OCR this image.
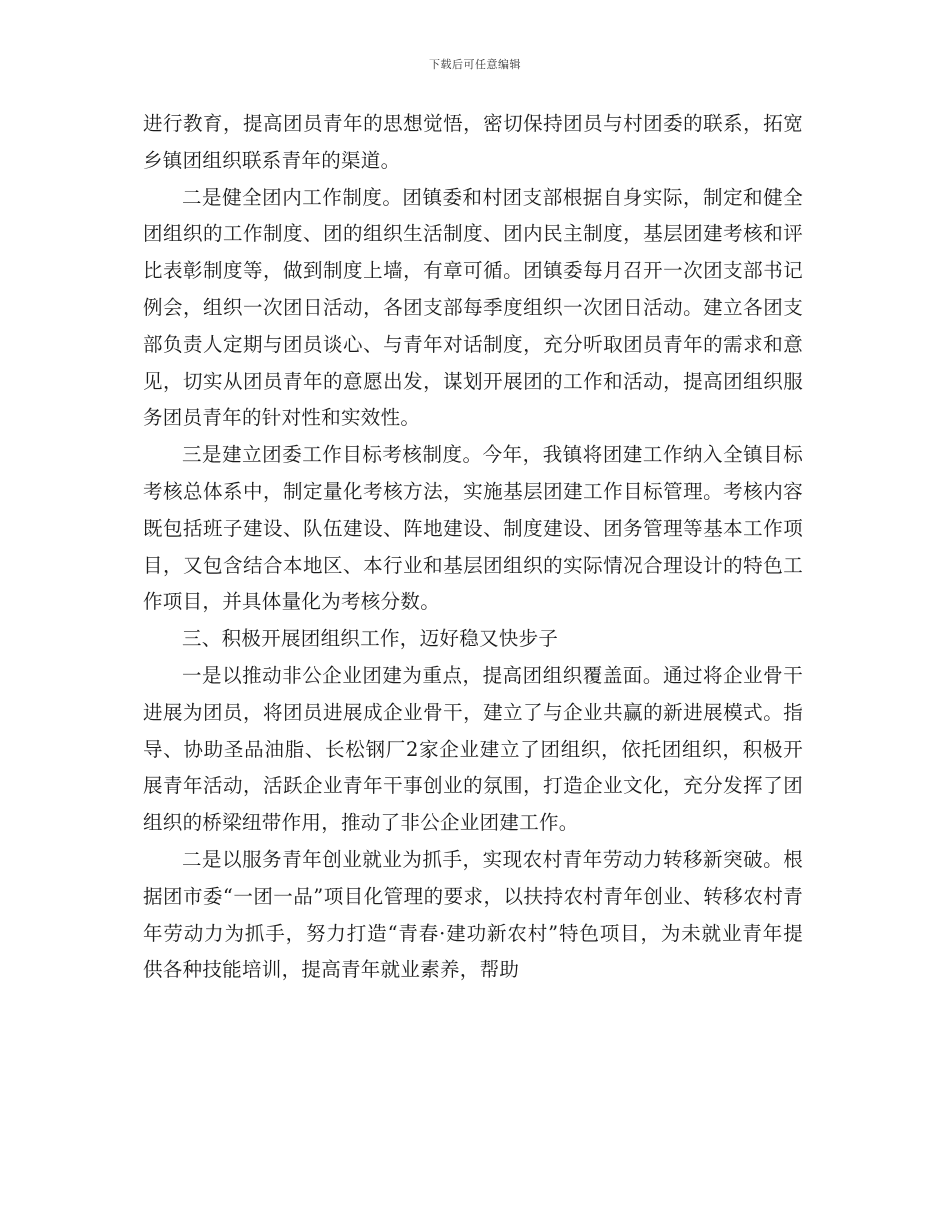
下载后可任意编辑

进行教育，提高团员青年的思想觉悟，密切保持团员与村团委的联系，拓宽乡镇团组织联系青年的渠道。

二是健全团内工作制度。团镇委和村团支部根据自身实际，制定和健全团组织的工作制度、团的组织生活制度、团内民主制度，基层团建考核和评比表彰制度等，做到制度上墙，有章可循。团镇委每月召开一次团支部书记例会，组织一次团日活动，各团支部每季度组织一次团日活动。建立各团支部负责人定期与团员谈心、与青年对话制度，充分听取团员青年的需求和意见，切实从团员青年的意愿出发，谋划开展团的工作和活动，提高团组织服务团员青年的针对性和实效性。

三是建立团委工作目标考核制度。今年，我镇将团建工作纳入全镇目标考核总体系中，制定量化考核方法，实施基层团建工作目标管理。考核内容既包括班子建设、队伍建设、阵地建设、制度建设、团务管理等基本工作项目，又包含结合本地区、本行业和基层团组织的实际情况合理设计的特色工作项目，并具体量化为考核分数。

三、积极开展团组织工作，迈好稳又快步子

一是以推动非公企业团建为重点，提高团组织覆盖面。通过将企业骨干进展为团员，将团员进展成企业骨干，建立了与企业共赢的新进展模式。指导、协助圣品油脂、长松钢厂2家企业建立了团组织，依托团组织，积极开展青年活动，活跃企业青年干事创业的氛围，打造企业文化，充分发挥了团组织的桥梁纽带作用，推动了非公企业团建工作。

二是以服务青年创业就业为抓手，实现农村青年劳动力转移新突破。根据团市委“一团一品”项目化管理的要求，以扶持农村青年创业、转移农村青年劳动力为抓手，努力打造“青春·建功新农村”特色项目，为未就业青年提供各种技能培训，提高青年就业素养，帮助
